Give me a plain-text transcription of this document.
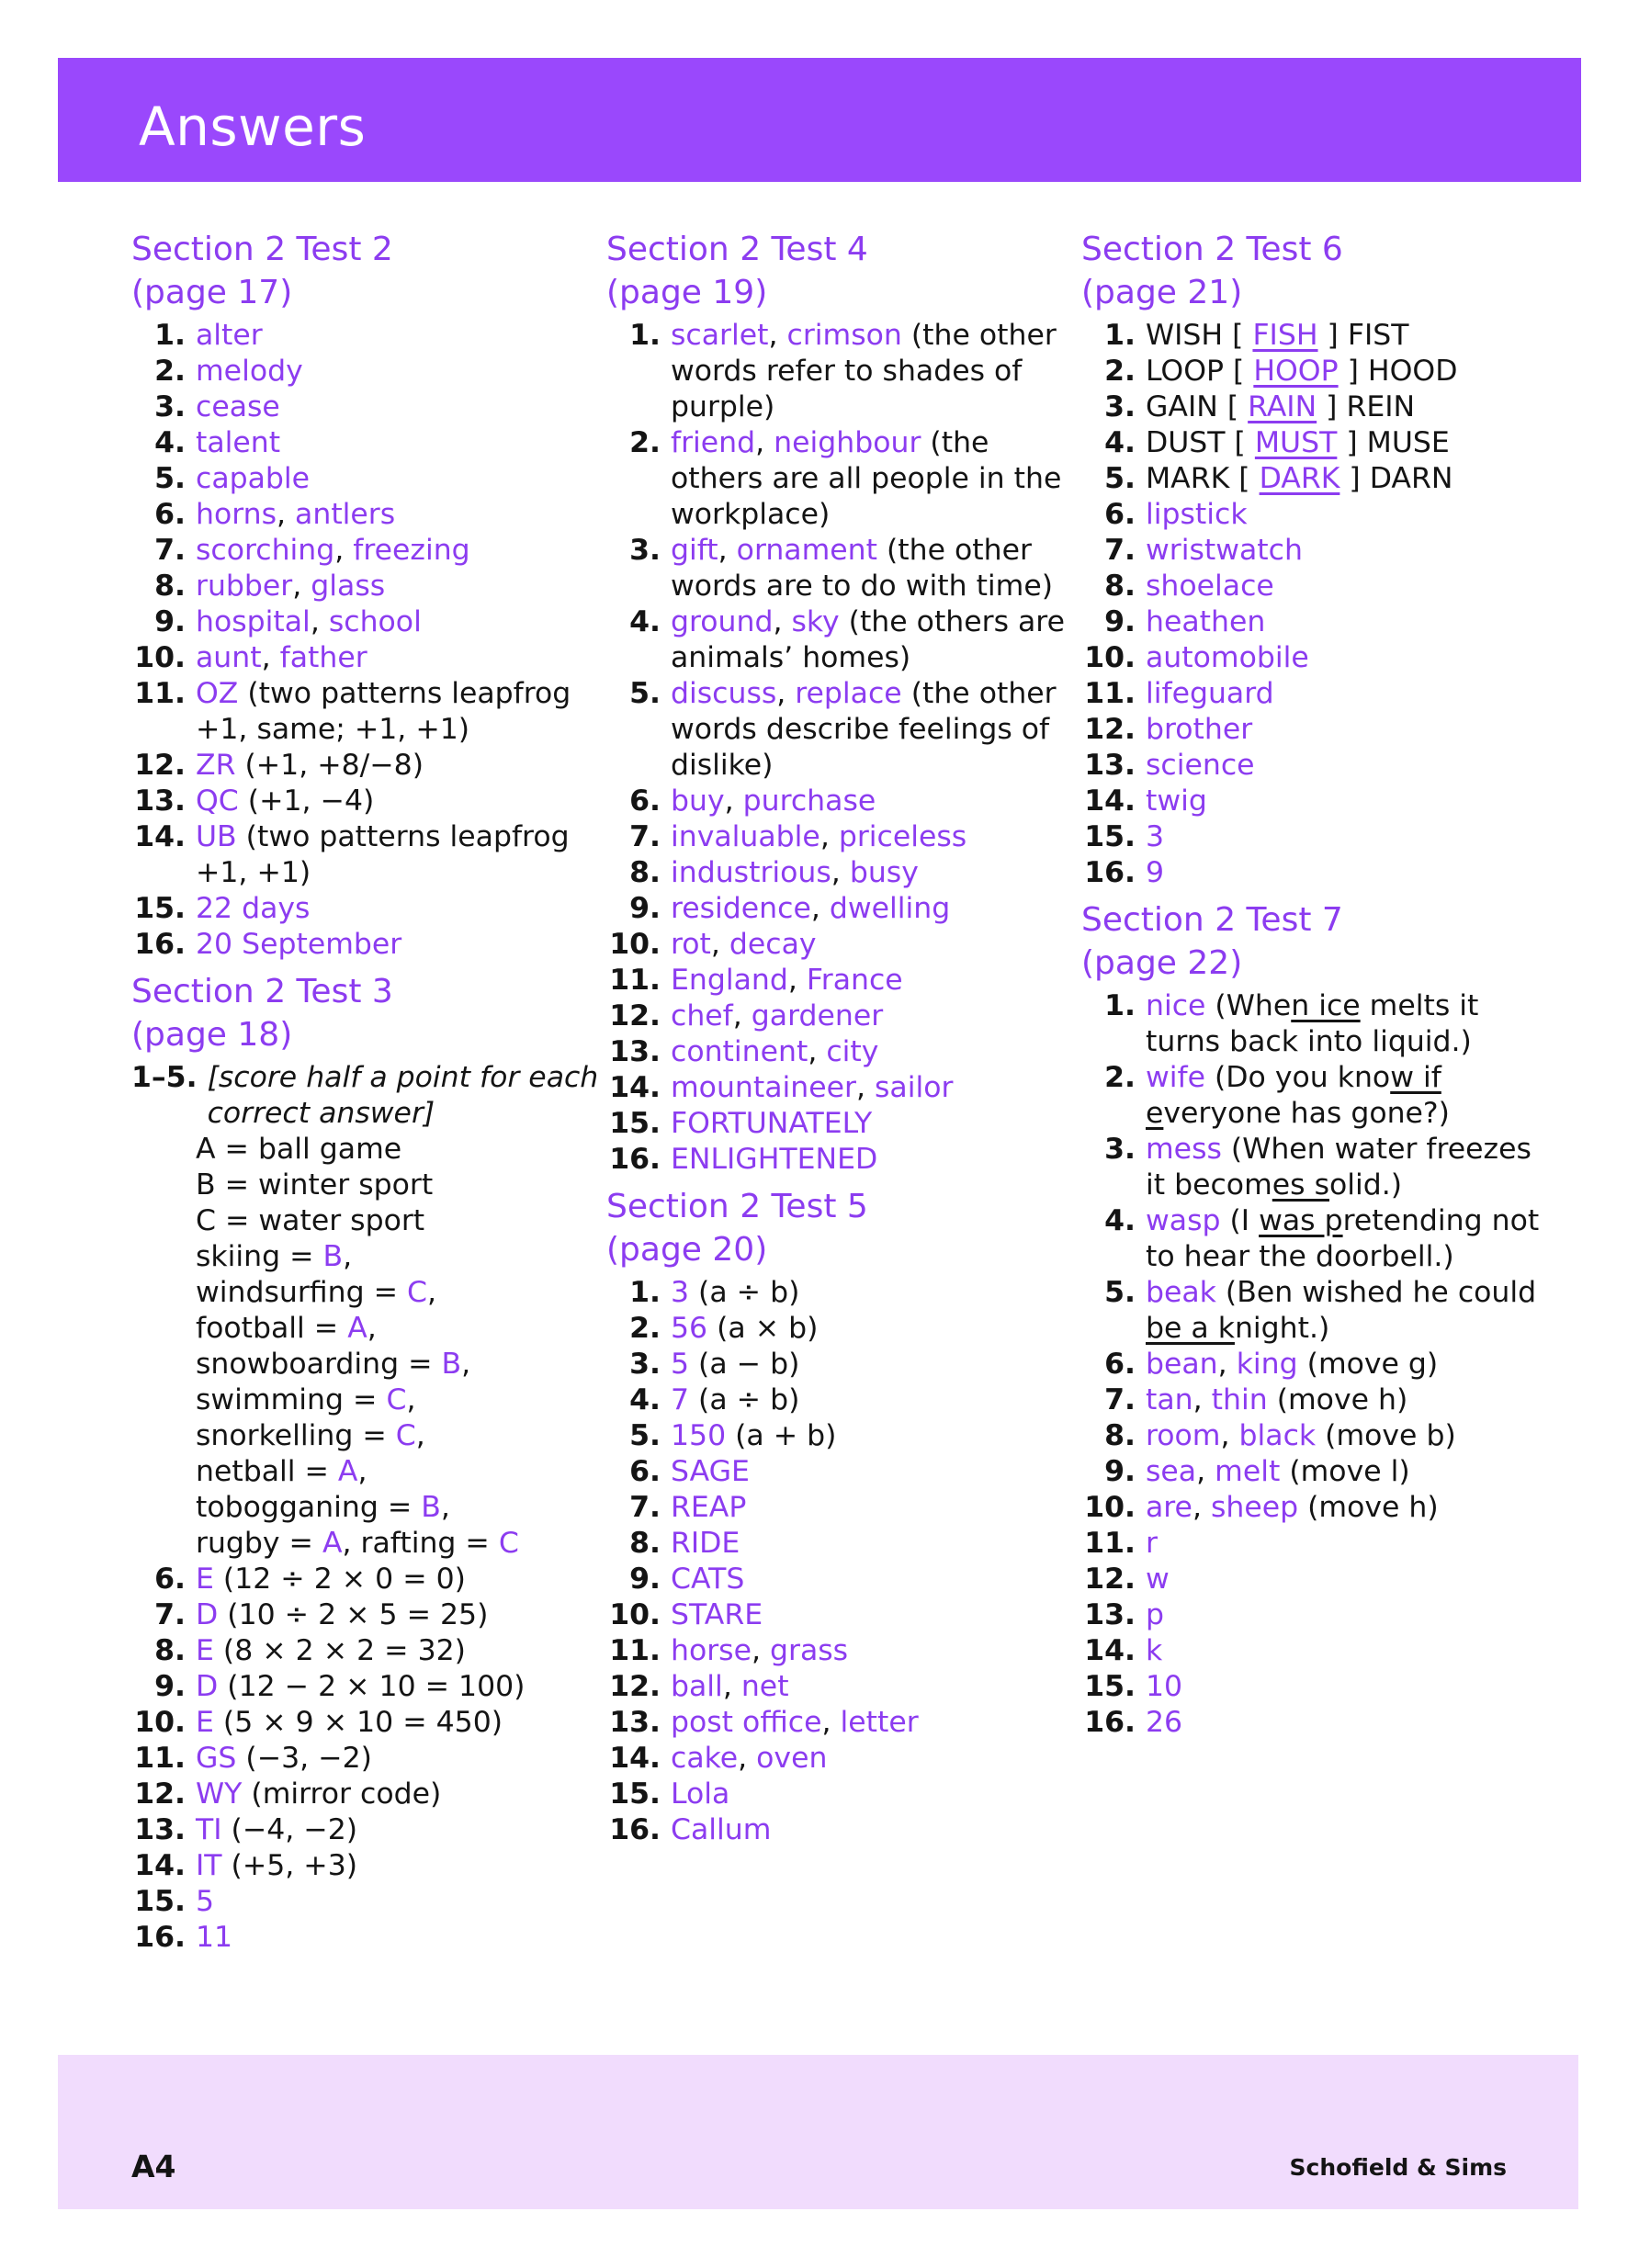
Answers
Section 2 Test 2
(page 17)
1. alter
2. melody
3. cease
4. talent
5. capable
6. horns, antlers
7. scorching, freezing
8. rubber, glass
9. hospital, school
10. aunt, father
11. OZ (two patterns leapfrog +1, same; +1, +1)
12. ZR (+1, +8/−8)
13. QC (+1, −4)
14. UB (two patterns leapfrog +1, +1)
15. 22 days
16. 20 September
Section 2 Test 3
(page 18)
1–5. [score half a point for each correct answer]
A = ball game
B = winter sport
C = water sport
skiing = B,
windsurfing = C,
football = A,
snowboarding = B,
swimming = C,
snorkelling = C,
netball = A,
tobogganing = B,
rugby = A, rafting = C
6. E (12 ÷ 2 × 0 = 0)
7. D (10 ÷ 2 × 5 = 25)
8. E (8 × 2 × 2 = 32)
9. D (12 − 2 × 10 = 100)
10. E (5 × 9 × 10 = 450)
11. GS (−3, −2)
12. WY (mirror code)
13. TI (−4, −2)
14. IT (+5, +3)
15. 5
16. 11
Section 2 Test 4
(page 19)
1. scarlet, crimson (the other words refer to shades of purple)
2. friend, neighbour (the others are all people in the workplace)
3. gift, ornament (the other words are to do with time)
4. ground, sky (the others are animals’ homes)
5. discuss, replace (the other words describe feelings of dislike)
6. buy, purchase
7. invaluable, priceless
8. industrious, busy
9. residence, dwelling
10. rot, decay
11. England, France
12. chef, gardener
13. continent, city
14. mountaineer, sailor
15. FORTUNATELY
16. ENLIGHTENED
Section 2 Test 5
(page 20)
1. 3 (a ÷ b)
2. 56 (a × b)
3. 5 (a − b)
4. 7 (a ÷ b)
5. 150 (a + b)
6. SAGE
7. REAP
8. RIDE
9. CATS
10. STARE
11. horse, grass
12. ball, net
13. post office, letter
14. cake, oven
15. Lola
16. Callum
Section 2 Test 6
(page 21)
1. WISH [ FISH ] FIST
2. LOOP [ HOOP ] HOOD
3. GAIN [ RAIN ] REIN
4. DUST [ MUST ] MUSE
5. MARK [ DARK ] DARN
6. lipstick
7. wristwatch
8. shoelace
9. heathen
10. automobile
11. lifeguard
12. brother
13. science
14. twig
15. 3
16. 9
Section 2 Test 7
(page 22)
1. nice (When ice melts it turns back into liquid.)
2. wife (Do you know if everyone has gone?)
3. mess (When water freezes it becomes solid.)
4. wasp (I was pretending not to hear the doorbell.)
5. beak (Ben wished he could be a knight.)
6. bean, king (move g)
7. tan, thin (move h)
8. room, black (move b)
9. sea, melt (move l)
10. are, sheep (move h)
11. r
12. w
13. p
14. k
15. 10
16. 26
A4	Schofield & Sims
